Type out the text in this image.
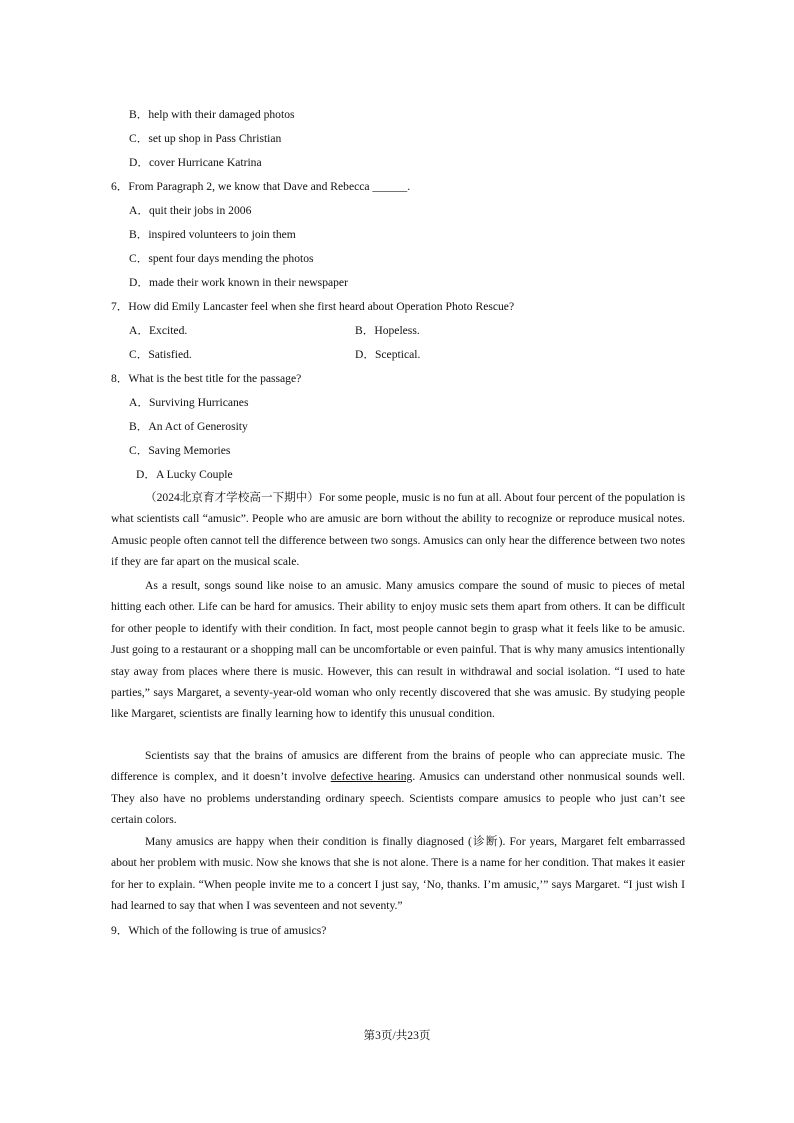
B．help with their damaged photos
C．set up shop in Pass Christian
D．cover Hurricane Katrina
6．From Paragraph 2, we know that Dave and Rebecca ______.
A．quit their jobs in 2006
B．inspired volunteers to join them
C．spent four days mending the photos
D．made their work known in their newspaper
7．How did Emily Lancaster feel when she first heard about Operation Photo Rescue?
A．Excited.	B．Hopeless.
C．Satisfied.	D．Sceptical.
8．What is the best title for the passage?
A．Surviving Hurricanes
B．An Act of Generosity
C．Saving Memories
D．A Lucky Couple

（2024北京育才学校高一下期中）For some people, music is no fun at all. About four percent of the population is what scientists call “amusic”. People who are amusic are born without the ability to recognize or reproduce musical notes. Amusic people often cannot tell the difference between two songs. Amusics can only hear the difference between two notes if they are far apart on the musical scale.

As a result, songs sound like noise to an amusic. Many amusics compare the sound of music to pieces of metal hitting each other. Life can be hard for amusics. Their ability to enjoy music sets them apart from others. It can be difficult for other people to identify with their condition. In fact, most people cannot begin to grasp what it feels like to be amusic. Just going to a restaurant or a shopping mall can be uncomfortable or even painful. That is why many amusics intentionally stay away from places where there is music. However, this can result in withdrawal and social isolation. “I used to hate parties,” says Margaret, a seventy-year-old woman who only recently discovered that she was amusic. By studying people like Margaret, scientists are finally learning how to identify this unusual condition.

Scientists say that the brains of amusics are different from the brains of people who can appreciate music. The difference is complex, and it doesn’t involve defective hearing. Amusics can understand other nonmusical sounds well. They also have no problems understanding ordinary speech. Scientists compare amusics to people who just can’t see certain colors.

Many amusics are happy when their condition is finally diagnosed (诊断). For years, Margaret felt embarrassed about her problem with music. Now she knows that she is not alone. There is a name for her condition. That makes it easier for her to explain. “When people invite me to a concert I just say, ‘No, thanks. I’m amusic,’” says Margaret. “I just wish I had learned to say that when I was seventeen and not seventy.”

9．Which of the following is true of amusics?
第3页/共23页
